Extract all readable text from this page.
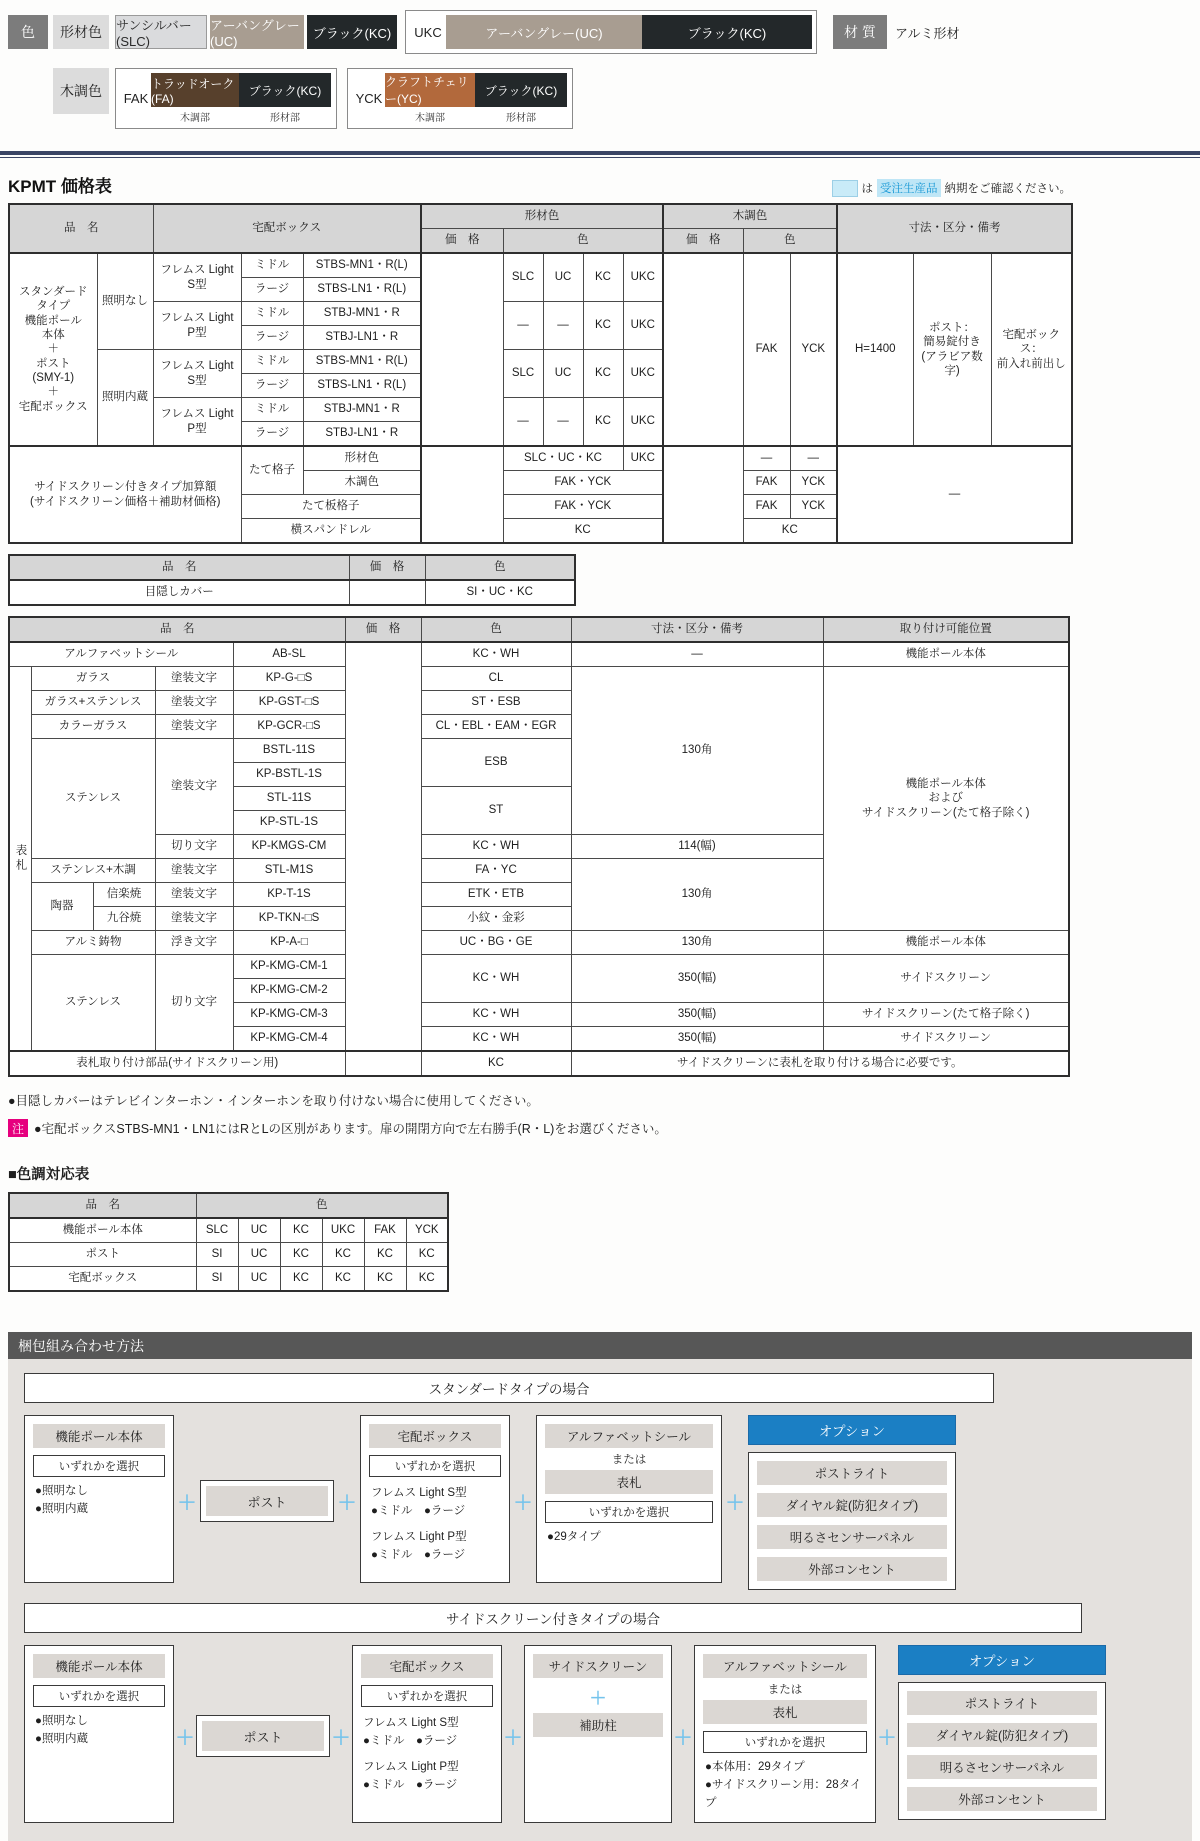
色	形材色	サンシルバー(SLC)
アーバングレー(UC)
ブラック(KC)	UKC	アーバングレー(UC)	ブラック(KC)	材 質	アルミ形材
木調色	FAK
トラッドオーク(FA)
木調部
ブラック(KC)
形材部
YCK
クラフトチェリー(YC)
木調部
ブラック(KC)
形材部
KPMT 価格表	は 受注生産品 納期をご確認ください。
品　名		宅配ボックス			形材色					木調色			寸法・区分・備考		
					価　格	色				価　格	色				
スタンダード
タイプ
機能ポール
本体
＋
ポスト
(SMY-1)
＋
宅配ボックス	照明なし	フレムス Light
S型	ミドル	STBS-MN1・R(L)		SLC	UC	KC	UKC		FAK	YCK	H=1400	ポスト：
簡易錠付き
(アラビア数字)	宅配ボックス：
前入れ前出し
			ラージ	STBS-LN1・R(L)											
		フレムス Light
P型	ミドル	STBJ-MN1・R		—	—	KC	UKC						
			ラージ	STBJ-LN1・R											
	照明内蔵	フレムス Light
S型	ミドル	STBS-MN1・R(L)		SLC	UC	KC	UKC						
			ラージ	STBS-LN1・R(L)											
		フレムス Light
P型	ミドル	STBJ-MN1・R		—	—	KC	UKC						
			ラージ	STBJ-LN1・R											
サイドスクリーン付きタイプ加算額
(サイドスクリーン価格＋補助材価格)			たて格子	形材色		SLC・UC・KC			UKC		—	—	—		
				木調色		FAK・YCK					FAK	YCK			
			たて板格子			FAK・YCK					FAK	YCK			
			横スパンドレル			KC					KC				
品　名	価　格	色
目隠しカバー		SI・UC・KC
品　名					価　格	色	寸法・区分・備考	取り付け可能位置
アルファベットシール				AB-SL		KC・WH	—	機能ポール本体
表札	ガラス		塗装文字	KP-G-□S		CL	130角	機能ポール本体
および
サイドスクリーン(たて格子除く)
	ガラス+ステンレス		塗装文字	KP-GST-□S		ST・ESB		
	カラーガラス		塗装文字	KP-GCR-□S		CL・EBL・EAM・EGR		
	ステンレス		塗装文字	BSTL-11S		ESB		
				KP-BSTL-1S				
				STL-11S		ST		
				KP-STL-1S				
			切り文字	KP-KMGS-CM		KC・WH	114(幅)	
	ステンレス+木調		塗装文字	STL-M1S		FA・YC	130角	
	陶器	信楽焼	塗装文字	KP-T-1S		ETK・ETB		
		九谷焼	塗装文字	KP-TKN-□S		小紋・金彩		
	アルミ鋳物		浮き文字	KP-A-□		UC・BG・GE	130角	機能ポール本体
	ステンレス		切り文字	KP-KMG-CM-1		KC・WH	350(幅)	サイドスクリーン
				KP-KMG-CM-2				
				KP-KMG-CM-3		KC・WH	350(幅)	サイドスクリーン(たて格子除く)
				KP-KMG-CM-4		KC・WH	350(幅)	サイドスクリーン
表札取り付け部品(サイドスクリーン用)						KC	サイドスクリーンに表札を取り付ける場合に必要です。	
●目隠しカバーはテレビインターホン・インターホンを取り付けない場合に使用してください。
注 ●宅配ボックスSTBS-MN1・LN1にはRとLの区別があります。扉の開閉方向で左右勝手(R・L)をお選びください。
■色調対応表
品　名	色					
機能ポール本体	SLC	UC	KC	UKC	FAK	YCK
ポスト	SI	UC	KC	KC	KC	KC
宅配ボックス	SI	UC	KC	KC	KC	KC
梱包組み合わせ方法
スタンダードタイプの場合
機能ポール本体
いずれかを選択
●照明なし
●照明内蔵	＋	ポスト	＋
宅配ボックス
いずれかを選択
フレムス Light S型
●ミドル　●ラージ
フレムス Light P型
●ミドル　●ラージ
＋
アルファベットシール
または
表札
いずれかを選択
●29タイプ
＋
オプション
ポストライト
ダイヤル錠(防犯タイプ)
明るさセンサーパネル
外部コンセント
サイドスクリーン付きタイプの場合
機能ポール本体
いずれかを選択
●照明なし
●照明内蔵	＋	ポスト	＋
宅配ボックス
いずれかを選択
フレムス Light S型
●ミドル　●ラージ
フレムス Light P型
●ミドル　●ラージ
＋
サイドスクリーン
＋
補助柱
＋
アルファベットシール
または
表札
いずれかを選択
●本体用：29タイプ
●サイドスクリーン用：28タイプ
＋
オプション
ポストライト
ダイヤル錠(防犯タイプ)
明るさセンサーパネル
外部コンセント
